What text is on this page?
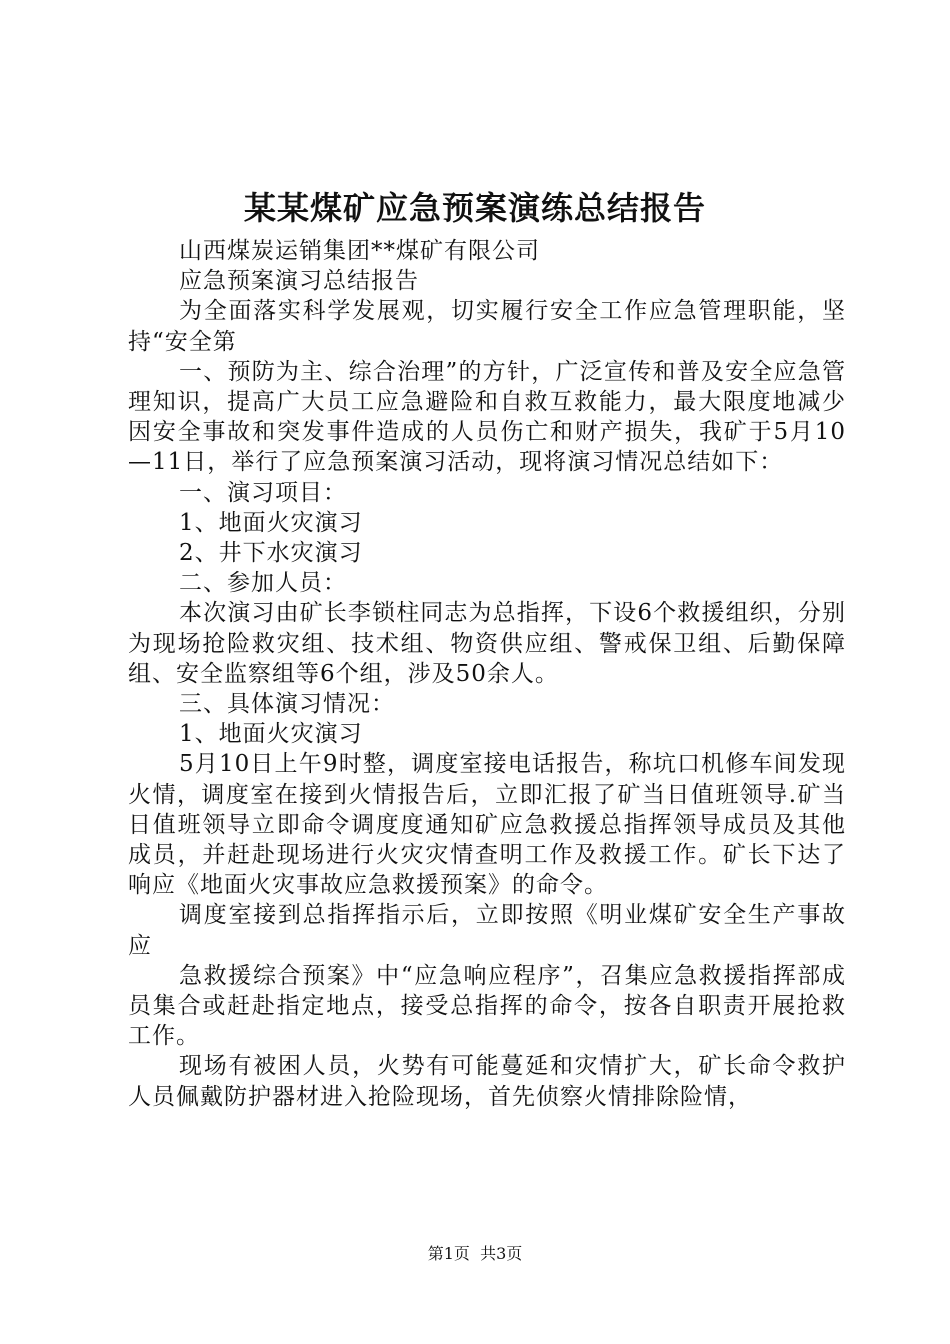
某某煤矿应急预案演练总结报告

山西煤炭运销集团**煤矿有限公司

应急预案演习总结报告

为全面落实科学发展观，切实履行安全工作应急管理职能，坚持“安全第

一、预防为主、综合治理”的方针，广泛宣传和普及安全应急管理知识，提高广大员工应急避险和自救互救能力，最大限度地减少因安全事故和突发事件造成的人员伤亡和财产损失，我矿于5月10—11日，举行了应急预案演习活动，现将演习情况总结如下：

一、演习项目：

1、地面火灾演习

2、井下水灾演习

二、参加人员：

本次演习由矿长李锁柱同志为总指挥，下设6个救援组织，分别为现场抢险救灾组、技术组、物资供应组、警戒保卫组、后勤保障组、安全监察组等6个组，涉及50余人。

三、具体演习情况：

1、地面火灾演习

5月10日上午9时整，调度室接电话报告，称坑口机修车间发现火情，调度室在接到火情报告后，立即汇报了矿当日值班领导.矿当日值班领导立即命令调度度通知矿应急救援总指挥领导成员及其他成员，并赶赴现场进行火灾灾情查明工作及救援工作。矿长下达了响应《地面火灾事故应急救援预案》的命令。

调度室接到总指挥指示后，立即按照《明业煤矿安全生产事故应

急救援综合预案》中“应急响应程序”，召集应急救援指挥部成员集合或赶赴指定地点，接受总指挥的命令，按各自职责开展抢救工作。

现场有被困人员，火势有可能蔓延和灾情扩大，矿长命令救护人员佩戴防护器材进入抢险现场，首先侦察火情排除险情，

第1页 共3页
